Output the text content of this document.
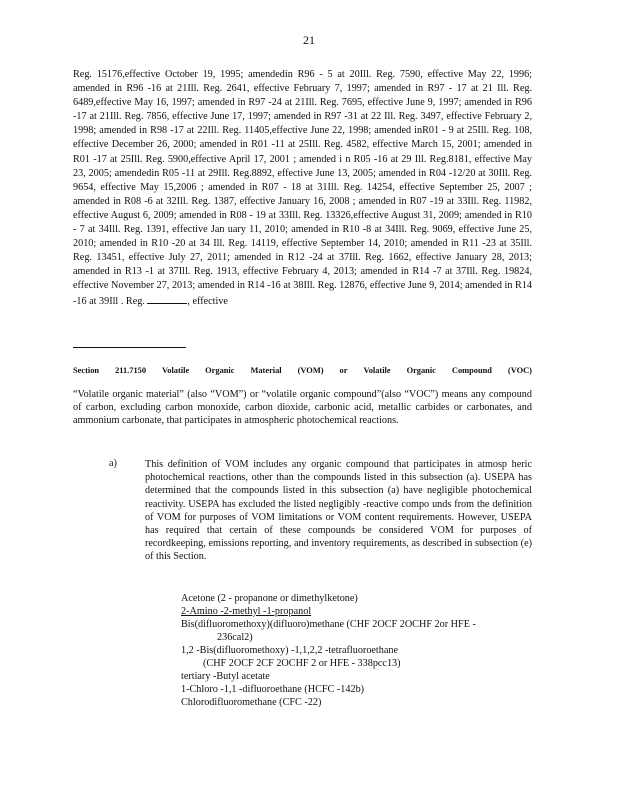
21
Reg. 15176,effective October 19, 1995; amendedin R96 - 5 at 20Ill. Reg. 7590, effective May 22, 1996; amended in R96 -16 at 21Ill. Reg. 2641, effective February 7, 1997; amended in R97 - 17 at 21 Ill. Reg. 6489,effective May 16, 1997; amended in R97 -24 at 21Ill. Reg. 7695, effective June 9, 1997; amended in R96 -17 at 21Ill. Reg. 7856, effective June 17, 1997; amended in R97 -31 at 22 Ill. Reg. 3497, effective February 2, 1998; amended in R98 -17 at 22Ill. Reg. 11405,effective June 22, 1998; amended inR01 - 9 at 25Ill. Reg. 108, effective December 26, 2000; amended in R01 -11 at 25Ill. Reg. 4582, effective March 15, 2001; amended in R01 -17 at 25Ill. Reg. 5900,effective April 17, 2001 ; amended i n R05 -16 at 29 Ill. Reg.8181, effective May 23, 2005; amendedin R05 -11 at 29Ill. Reg.8892, effective June 13, 2005; amended in R04 -12/20 at 30Ill. Reg. 9654, effective May 15,2006 ; amended in R07 - 18 at 31Ill. Reg. 14254, effective September 25, 2007 ; amended in R08 -6 at 32Ill. Reg. 1387, effective January 16, 2008 ; amended in R07 -19 at 33Ill. Reg. 11982, effective August 6, 2009; amended in R08 - 19 at 33Ill. Reg. 13326,effective August 31, 2009; amended in R10 - 7 at 34Ill. Reg. 1391, effective Jan uary 11, 2010; amended in R10 -8 at 34Ill. Reg. 9069, effective June 25, 2010; amended in R10 -20 at 34 Ill. Reg. 14119, effective September 14, 2010; amended in R11 -23 at 35Ill. Reg. 13451, effective July 27, 2011; amended in R12 -24 at 37Ill. Reg. 1662, effective January 28, 2013; amended in R13 -1 at 37Ill. Reg. 1913, effective February 4, 2013; amended in R14 -7 at 37Ill. Reg. 19824, effective November 27, 2013; amended in R14 -16 at 38Ill. Reg. 12876, effective June 9, 2014; amended in R14 -16 at 39Ill . Reg.	, effective
Section 211.7150 Volatile Organic Material (VOM) or Volatile Organic Compound (VOC)
“Volatile organic material” (also “VOM”) or “volatile organic compound”(also “VOC”) means any compound of carbon, excluding carbon monoxide, carbon dioxide, carbonic acid, metallic carbides or carbonates, and ammonium carbonate, that participates in atmospheric photochemical reactions.
a)	This definition of VOM includes any organic compound that participates in atmosp heric photochemical reactions, other than the compounds listed in this subsection (a). USEPA has determined that the compounds listed in this subsection (a) have negligible photochemical reactivity. USEPA has excluded the listed negligibly -reactive compo unds from the definition of VOM for purposes of VOM limitations or VOM content requirements. However, USEPA has required that certain of these compounds be considered VOM for purposes of recordkeeping, emissions reporting, and inventory requirements, as described in subsection (e) of this Section.
Acetone (2 - propanone or dimethylketone)
2-Amino -2-methyl -1-propanol
Bis(difluoromethoxy)(difluoro)methane (CHF 2OCF 2OCHF 2or HFE -
236cal2)
1,2 -Bis(difluoromethoxy) -1,1,2,2 -tetrafluoroethane
(CHF 2OCF 2CF 2OCHF 2 or HFE - 338pcc13)
tertiary -Butyl acetate
1-Chloro -1,1 -difluoroethane (HCFC -142b)
Chlorodifluoromethane (CFC -22)
